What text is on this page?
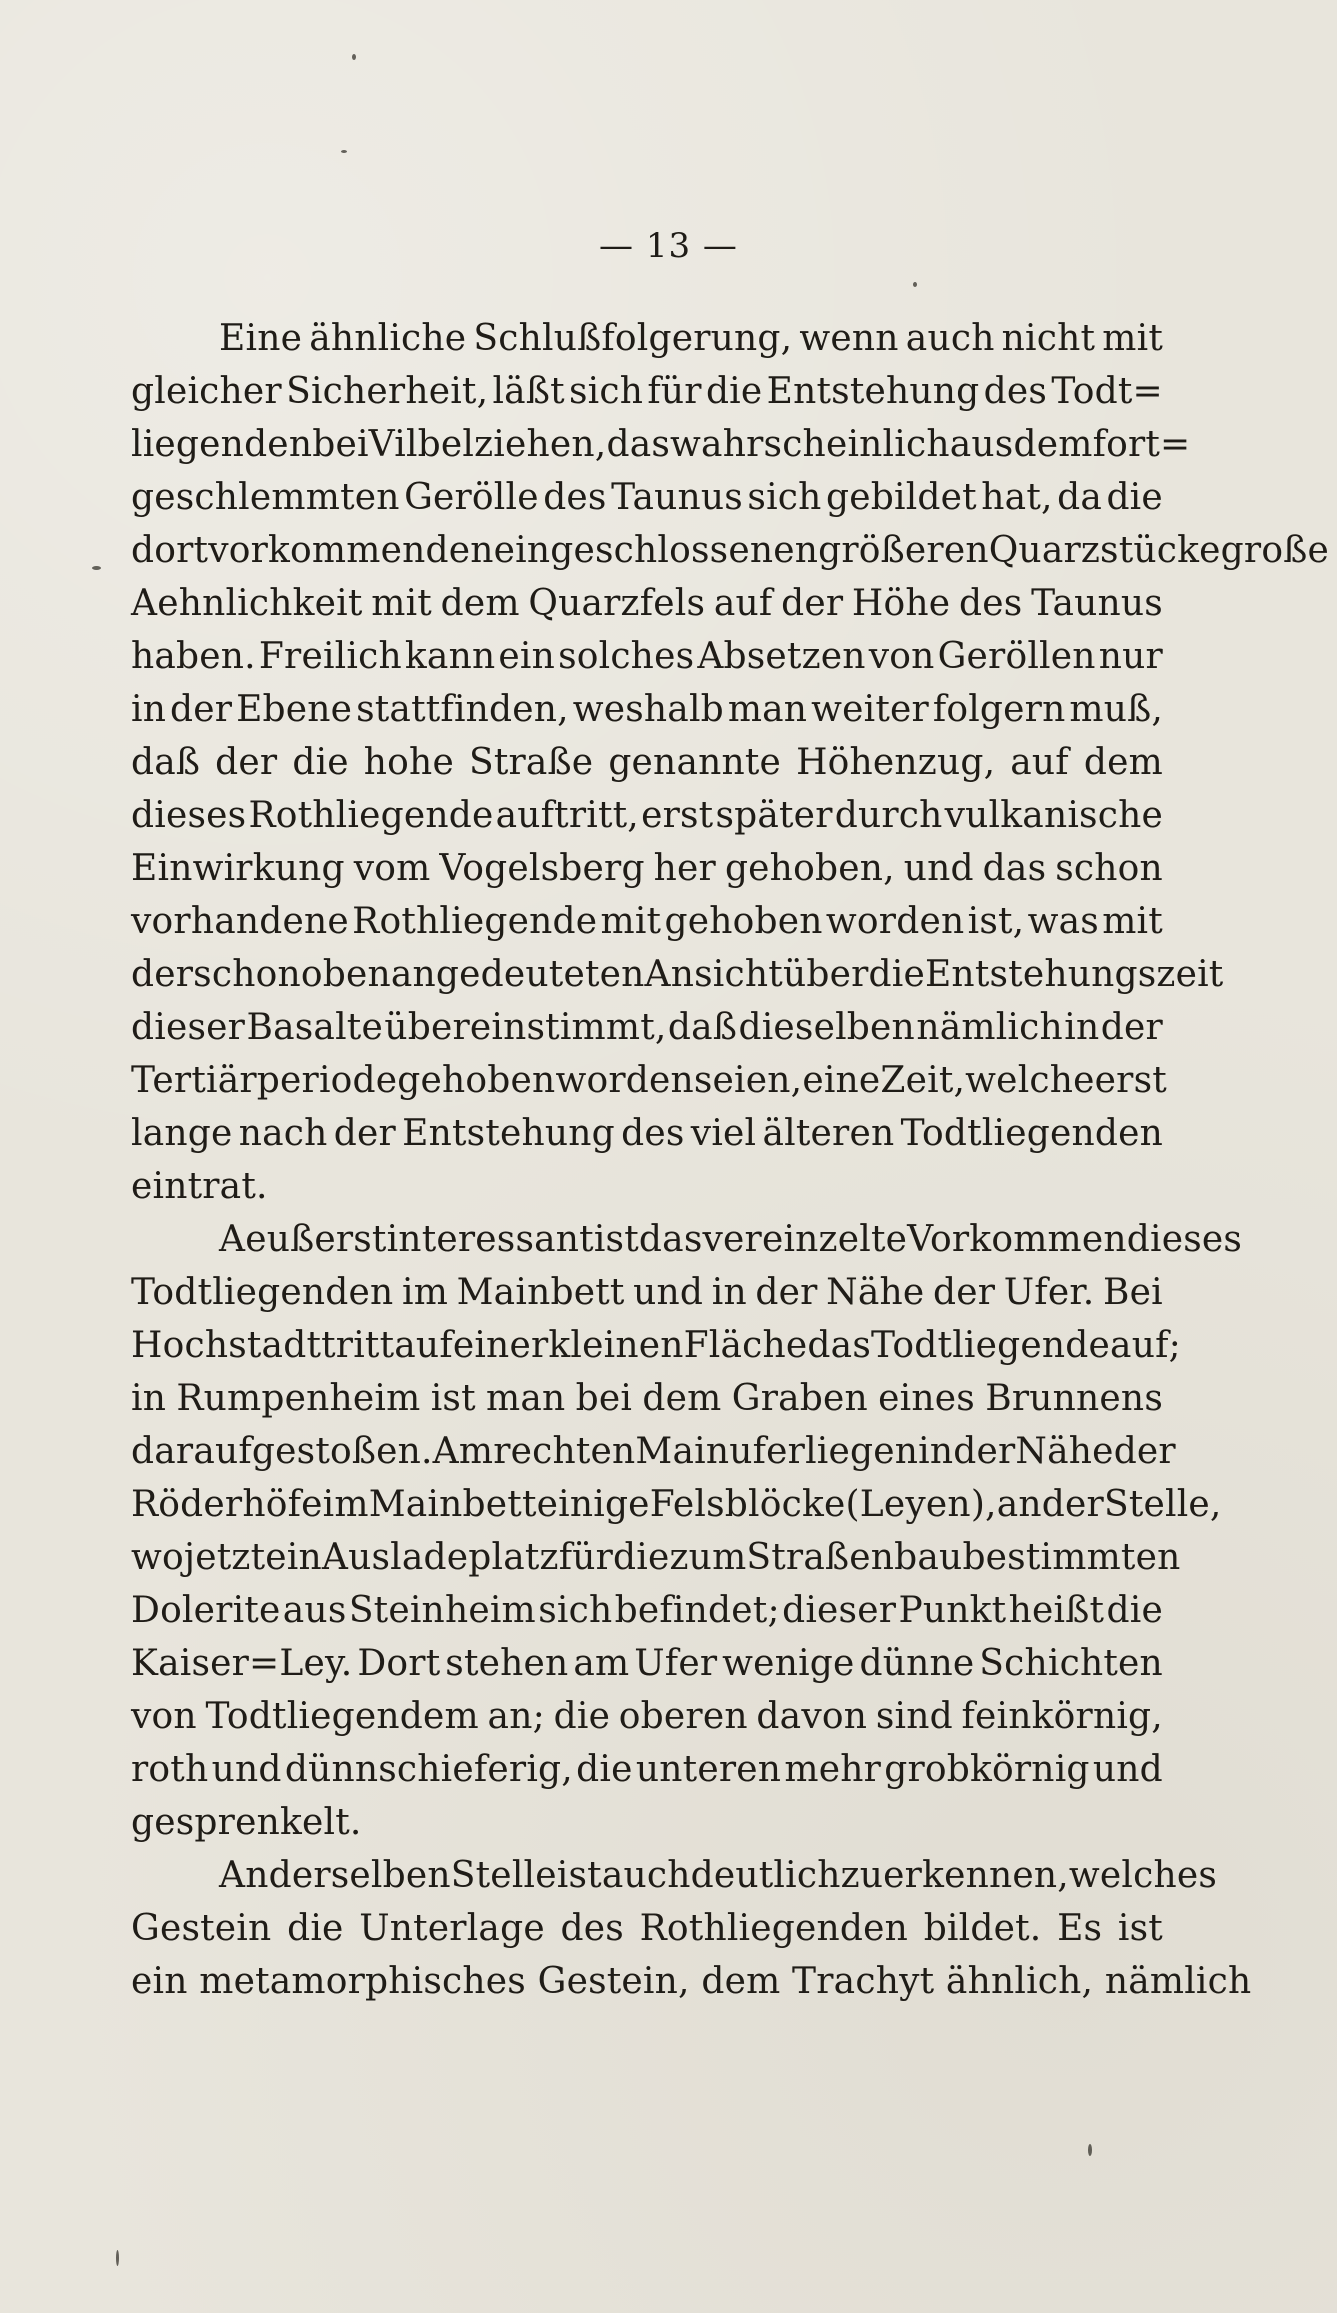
— 13 —
Eine ähnliche Schlußfolgerung, wenn auch nicht mit
gleicher Sicherheit, läßt sich für die Entstehung des Todt=
liegenden bei Vilbel ziehen, das wahrscheinlich aus dem fort=
geschlemmten Gerölle des Taunus sich gebildet hat, da die
dort vorkommenden eingeschlossenen größeren Quarzstücke große
Aehnlichkeit mit dem Quarzfels auf der Höhe des Taunus
haben. Freilich kann ein solches Absetzen von Geröllen nur
in der Ebene stattfinden, weshalb man weiter folgern muß,
daß der die hohe Straße genannte Höhenzug, auf dem
dieses Rothliegende auftritt, erst später durch vulkanische
Einwirkung vom Vogelsberg her gehoben, und das schon
vorhandene Rothliegende mit gehoben worden ist, was mit
der schon oben angedeuteten Ansicht über die Entstehungszeit
dieser Basalte übereinstimmt, daß dieselben nämlich in der
Tertiärperiode gehoben worden seien, eine Zeit, welche erst
lange nach der Entstehung des viel älteren Todtliegenden
eintrat.
Aeußerst interessant ist das vereinzelte Vorkommen dieses
Todtliegenden im Mainbett und in der Nähe der Ufer. Bei
Hochstadt tritt auf einer kleinen Fläche das Todtliegende auf;
in Rumpenheim ist man bei dem Graben eines Brunnens
darauf gestoßen. Am rechten Mainufer liegen in der Nähe der
Röderhöfe im Mainbett einige Felsblöcke (Leyen), an der Stelle,
wo jetzt ein Ausladeplatz für die zum Straßenbau bestimmten
Dolerite aus Steinheim sich befindet; dieser Punkt heißt die
Kaiser=Ley. Dort stehen am Ufer wenige dünne Schichten
von Todtliegendem an; die oberen davon sind feinkörnig,
roth und dünnschieferig, die unteren mehr grobkörnig und
gesprenkelt.
An derselben Stelle ist auch deutlich zu erkennen, welches
Gestein die Unterlage des Rothliegenden bildet. Es ist
ein metamorphisches Gestein, dem Trachyt ähnlich, nämlich
